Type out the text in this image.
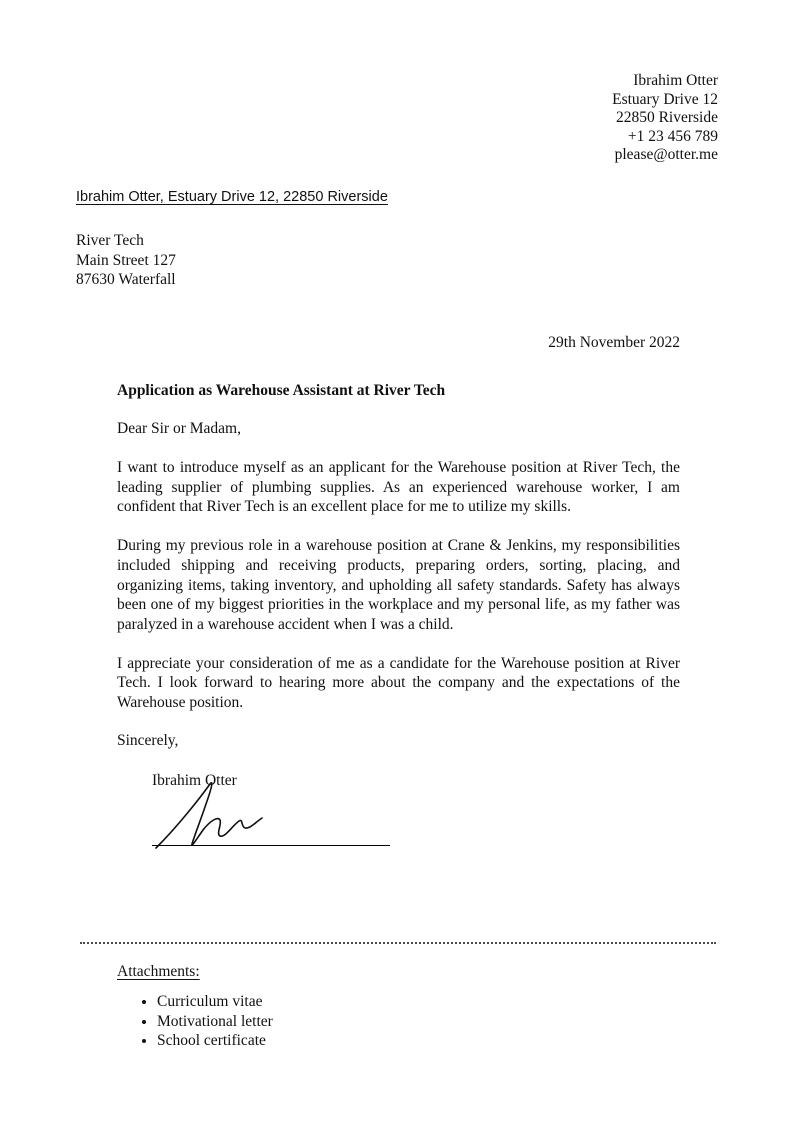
Ibrahim Otter
Estuary Drive 12
22850 Riverside
+1 23 456 789
please@otter.me
Ibrahim Otter, Estuary Drive 12, 22850 Riverside
River Tech
Main Street 127
87630 Waterfall

29th November 2022

Application as Warehouse Assistant at River Tech

Dear Sir or Madam,

I want to introduce myself as an applicant for the Warehouse position at River Tech, the leading supplier of plumbing supplies. As an experienced warehouse worker, I am confident that River Tech is an excellent place for me to utilize my skills.

During my previous role in a warehouse position at Crane & Jenkins, my responsibilities included shipping and receiving products, preparing orders, sorting, placing, and organizing items, taking inventory, and upholding all safety standards. Safety has always been one of my biggest priorities in the workplace and my personal life, as my father was paralyzed in a warehouse accident when I was a child.

I appreciate your consideration of me as a candidate for the Warehouse position at River Tech. I look forward to hearing more about the company and the expectations of the Warehouse position.

Sincerely,

Ibrahim Otter
Attachments:
• Curriculum vitae
• Motivational letter
• School certificate
